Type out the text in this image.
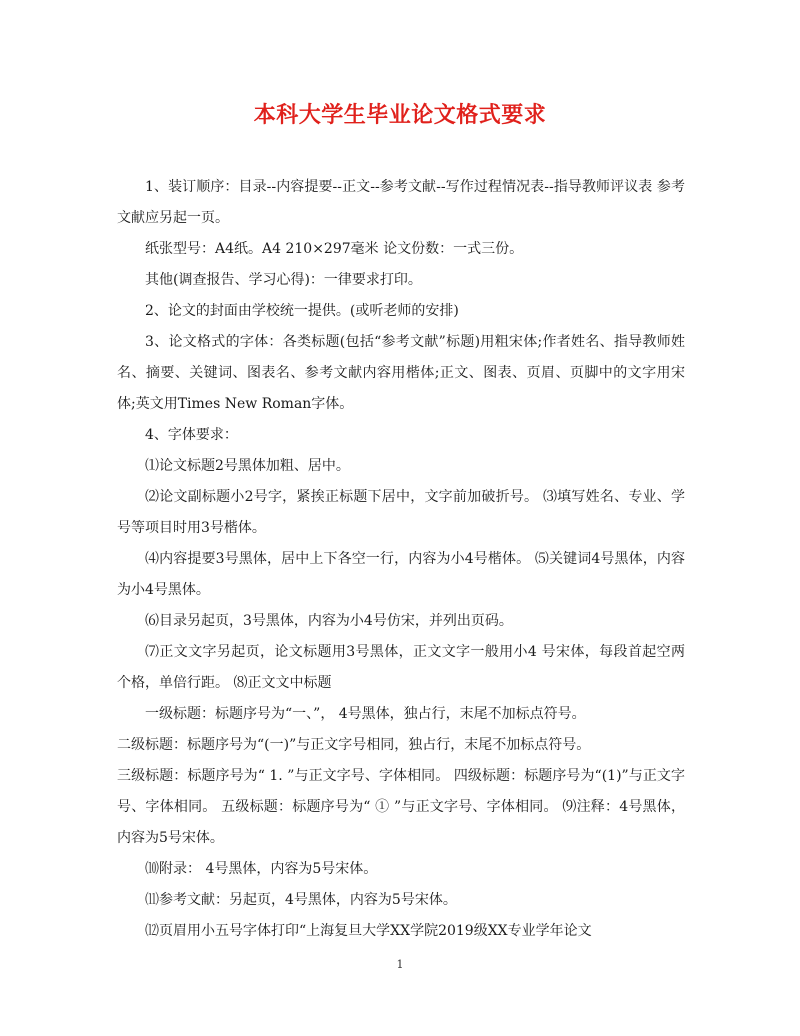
本科大学生毕业论文格式要求

1、装订顺序：目录--内容提要--正文--参考文献--写作过程情况表--指导教师评议表 参考文献应另起一页。

纸张型号：A4纸。A4 210×297毫米 论文份数：一式三份。

其他(调查报告、学习心得)：一律要求打印。

2、论文的封面由学校统一提供。(或听老师的安排)

3、论文格式的字体：各类标题(包括“参考文献”标题)用粗宋体;作者姓名、指导教师姓名、摘要、关键词、图表名、参考文献内容用楷体;正文、图表、页眉、页脚中的文字用宋体;英文用Times New Roman字体。

4、字体要求：

⑴论文标题2号黑体加粗、居中。

⑵论文副标题小2号字，紧挨正标题下居中，文字前加破折号。 ⑶填写姓名、专业、学号等项目时用3号楷体。

⑷内容提要3号黑体，居中上下各空一行，内容为小4号楷体。 ⑸关键词4号黑体，内容为小4号黑体。

⑹目录另起页，3号黑体，内容为小4号仿宋，并列出页码。

⑺正文文字另起页，论文标题用3号黑体，正文文字一般用小4 号宋体，每段首起空两个格，单倍行距。 ⑻正文文中标题

一级标题：标题序号为“一、”， 4号黑体，独占行，末尾不加标点符号。

二级标题：标题序号为“(一)”与正文字号相同，独占行，末尾不加标点符号。

三级标题：标题序号为“ 1. ”与正文字号、字体相同。 四级标题：标题序号为“(1)”与正文字号、字体相同。 五级标题：标题序号为“ ① ”与正文字号、字体相同。 ⑼注释：4号黑体，内容为5号宋体。

⑽附录： 4号黑体，内容为5号宋体。

⑾参考文献：另起页，4号黑体，内容为5号宋体。

⑿页眉用小五号字体打印“上海复旦大学XX学院2019级XX专业学年论文

1
